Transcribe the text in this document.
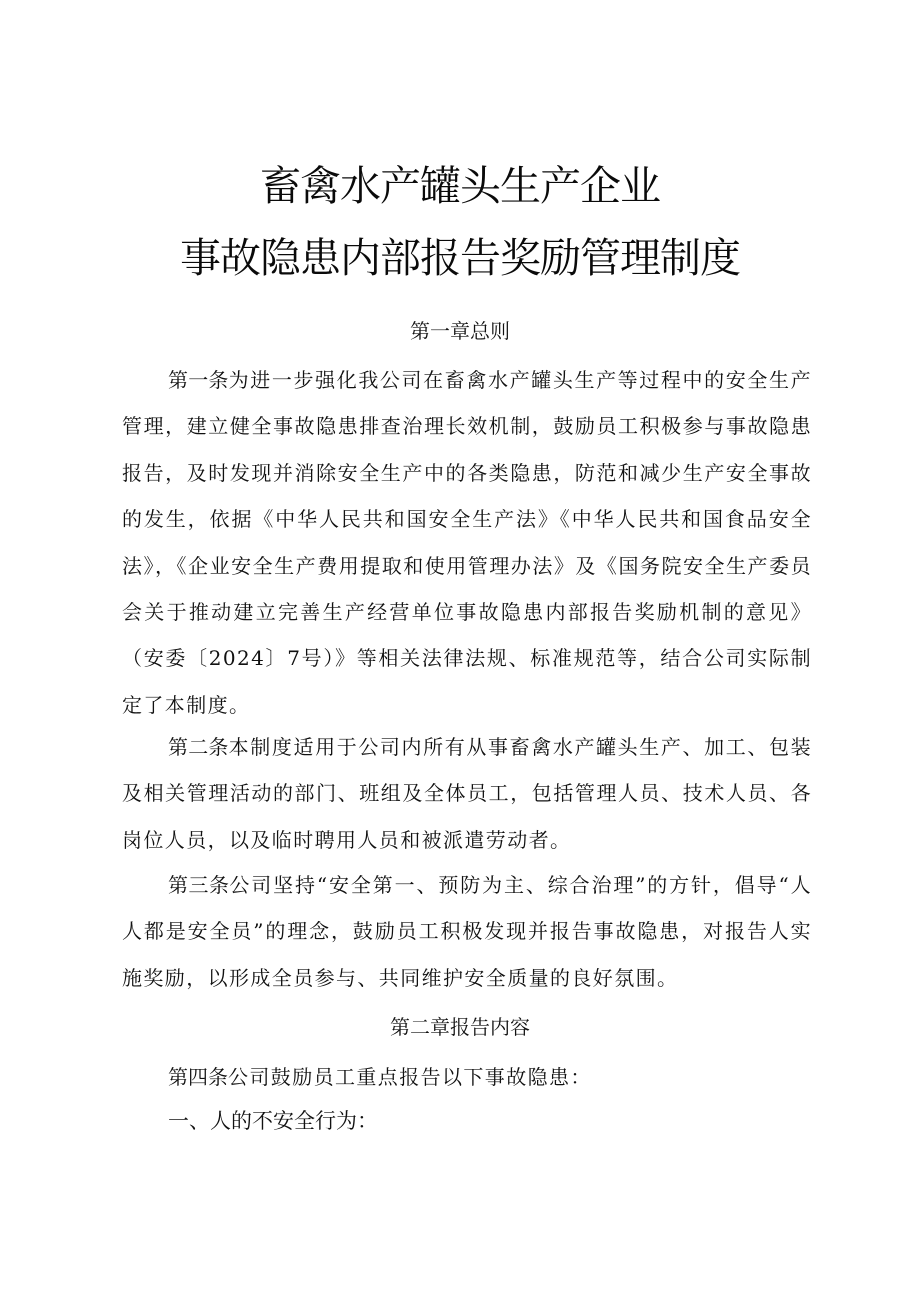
畜禽水产罐头生产企业
事故隐患内部报告奖励管理制度
第一章总则

第一条为进一步强化我公司在畜禽水产罐头生产等过程中的安全生产管理，建立健全事故隐患排查治理长效机制，鼓励员工积极参与事故隐患报告，及时发现并消除安全生产中的各类隐患，防范和减少生产安全事故的发生，依据《中华人民共和国安全生产法》《中华人民共和国食品安全法》，《企业安全生产费用提取和使用管理办法》及《国务院安全生产委员会关于推动建立完善生产经营单位事故隐患内部报告奖励机制的意见》（安委〔2024〕7号）》等相关法律法规、标准规范等，结合公司实际制定了本制度。

第二条本制度适用于公司内所有从事畜禽水产罐头生产、加工、包装及相关管理活动的部门、班组及全体员工，包括管理人员、技术人员、各岗位人员，以及临时聘用人员和被派遣劳动者。

第三条公司坚持“安全第一、预防为主、综合治理”的方针，倡导“人人都是安全员”的理念，鼓励员工积极发现并报告事故隐患，对报告人实施奖励，以形成全员参与、共同维护安全质量的良好氛围。

第二章报告内容

第四条公司鼓励员工重点报告以下事故隐患：

一、人的不安全行为：
